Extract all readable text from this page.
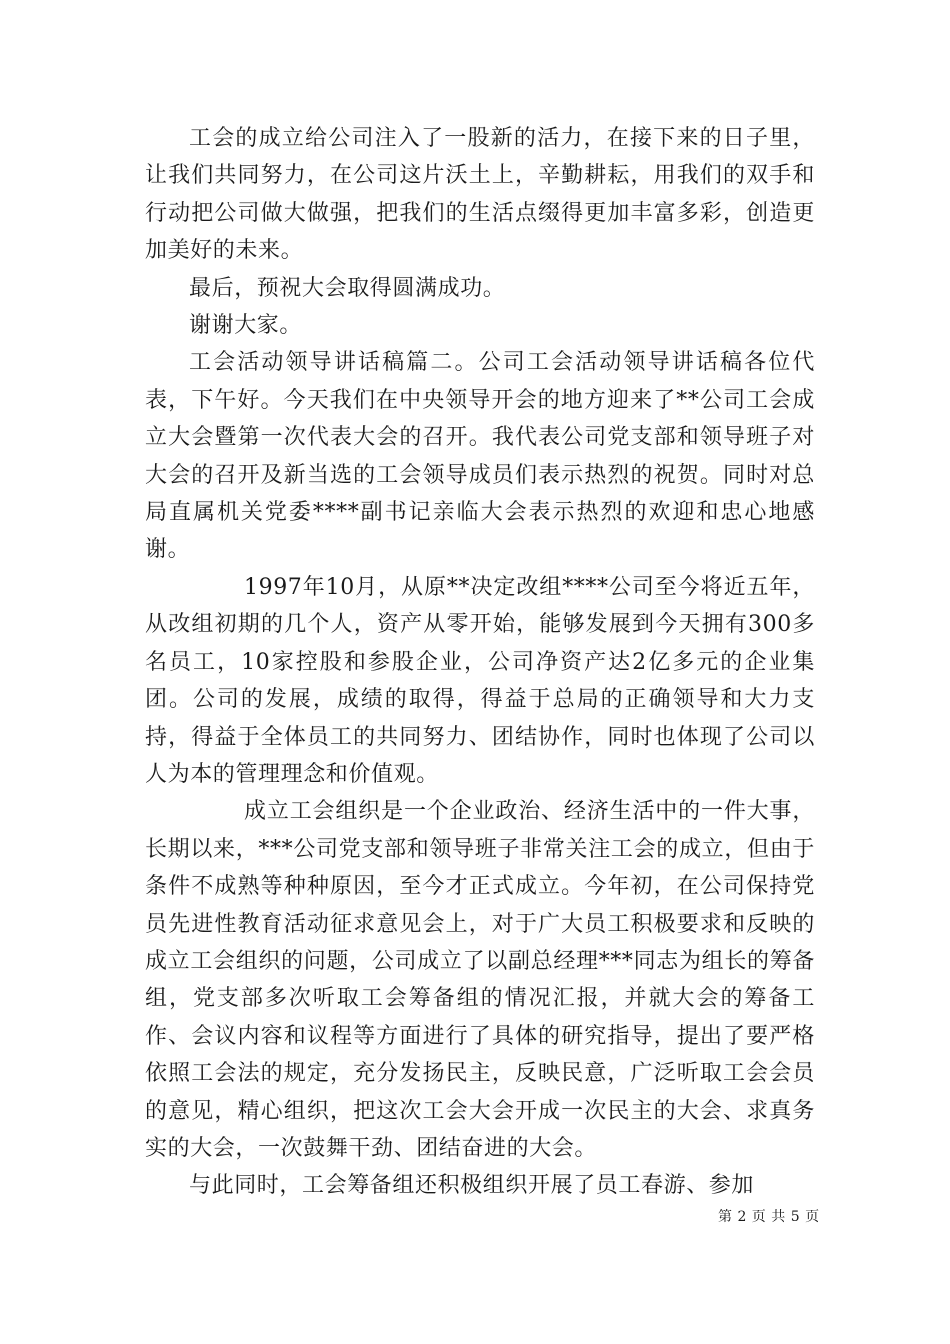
工会的成立给公司注入了一股新的活力，在接下来的日子里，让我们共同努力，在公司这片沃土上，辛勤耕耘，用我们的双手和行动把公司做大做强，把我们的生活点缀得更加丰富多彩，创造更加美好的未来。

最后，预祝大会取得圆满成功。

谢谢大家。

工会活动领导讲话稿篇二。公司工会活动领导讲话稿各位代表，下午好。今天我们在中央领导开会的地方迎来了**公司工会成立大会暨第一次代表大会的召开。我代表公司党支部和领导班子对大会的召开及新当选的工会领导成员们表示热烈的祝贺。同时对总局直属机关党委****副书记亲临大会表示热烈的欢迎和忠心地感谢。

1997年10月，从原**决定改组****公司至今将近五年，从改组初期的几个人，资产从零开始，能够发展到今天拥有300多名员工，10家控股和参股企业，公司净资产达2亿多元的企业集团。公司的发展，成绩的取得，得益于总局的正确领导和大力支持，得益于全体员工的共同努力、团结协作，同时也体现了公司以人为本的管理理念和价值观。

成立工会组织是一个企业政治、经济生活中的一件大事，长期以来，***公司党支部和领导班子非常关注工会的成立，但由于条件不成熟等种种原因，至今才正式成立。今年初，在公司保持党员先进性教育活动征求意见会上，对于广大员工积极要求和反映的成立工会组织的问题，公司成立了以副总经理***同志为组长的筹备组，党支部多次听取工会筹备组的情况汇报，并就大会的筹备工作、会议内容和议程等方面进行了具体的研究指导，提出了要严格依照工会法的规定，充分发扬民主，反映民意，广泛听取工会会员的意见，精心组织，把这次工会大会开成一次民主的大会、求真务实的大会，一次鼓舞干劲、团结奋进的大会。

与此同时，工会筹备组还积极组织开展了员工春游、参加

第 2 页 共 5 页
